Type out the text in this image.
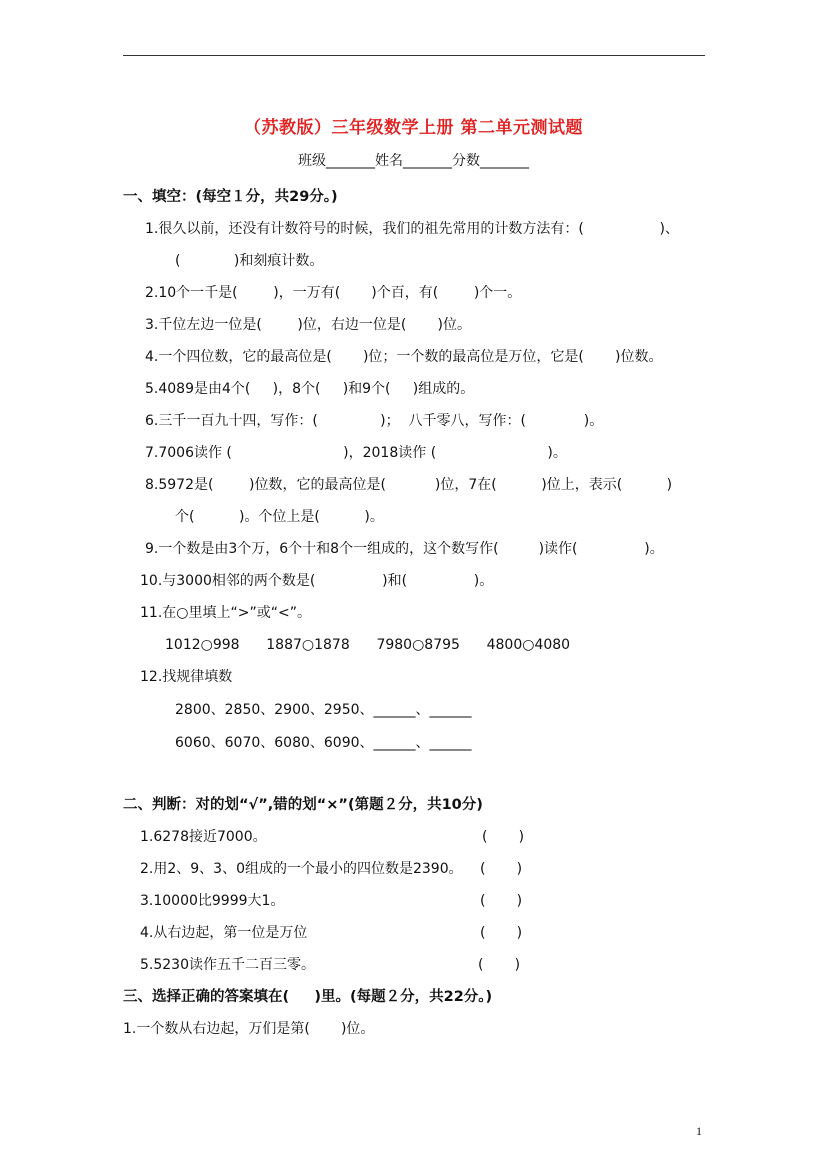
（苏教版）三年级数学上册 第二单元测试题
班级_______姓名_______分数_______
一、填空：(每空１分，共29分。)
1.很久以前，还没有计数符号的时候，我们的祖先常用的计数方法有：(                 )、
(            )和刻痕计数。
2.10个一千是(        )，一万有(       )个百，有(        )个一。
3.千位左边一位是(        )位，右边一位是(       )位。
4.一个四位数，它的最高位是(       )位；一个数的最高位是万位，它是(       )位数。
5.4089是由4个(     )，8个(     )和9个(     )组成的。
6.三千一百九十四，写作：(              )；  八千零八，写作：(             )。
7.7006读作 (                         )，2018读作 (                         )。
8.5972是(        )位数，它的最高位是(           )位，7在(          )位上，表示(          )
个(          )。个位上是(          )。
9.一个数是由3个万，6个十和8个一组成的，这个数写作(         )读作(               )。
10.与3000相邻的两个数是(               )和(               )。
11.在○里填上“>”或“<”。
1012○998      1887○1878      7980○8795      4800○4080
12.找规律填数
2800、2850、2900、2950、______、______
6060、6070、6080、6090、______、______
二、判断：对的划“√”,错的划“×”(第题２分，共10分)
1.6278接近7000。	(       )
2.用2、9、3、0组成的一个最小的四位数是2390。 (       )
3.10000比9999大1。	(       )
4.从右边起，第一位是万位	(       )
5.5230读作五千二百三零。	(       )
三、选择正确的答案填在(     )里。(每题２分，共22分。)
1.一个数从右边起，万们是第(       )位。
1
